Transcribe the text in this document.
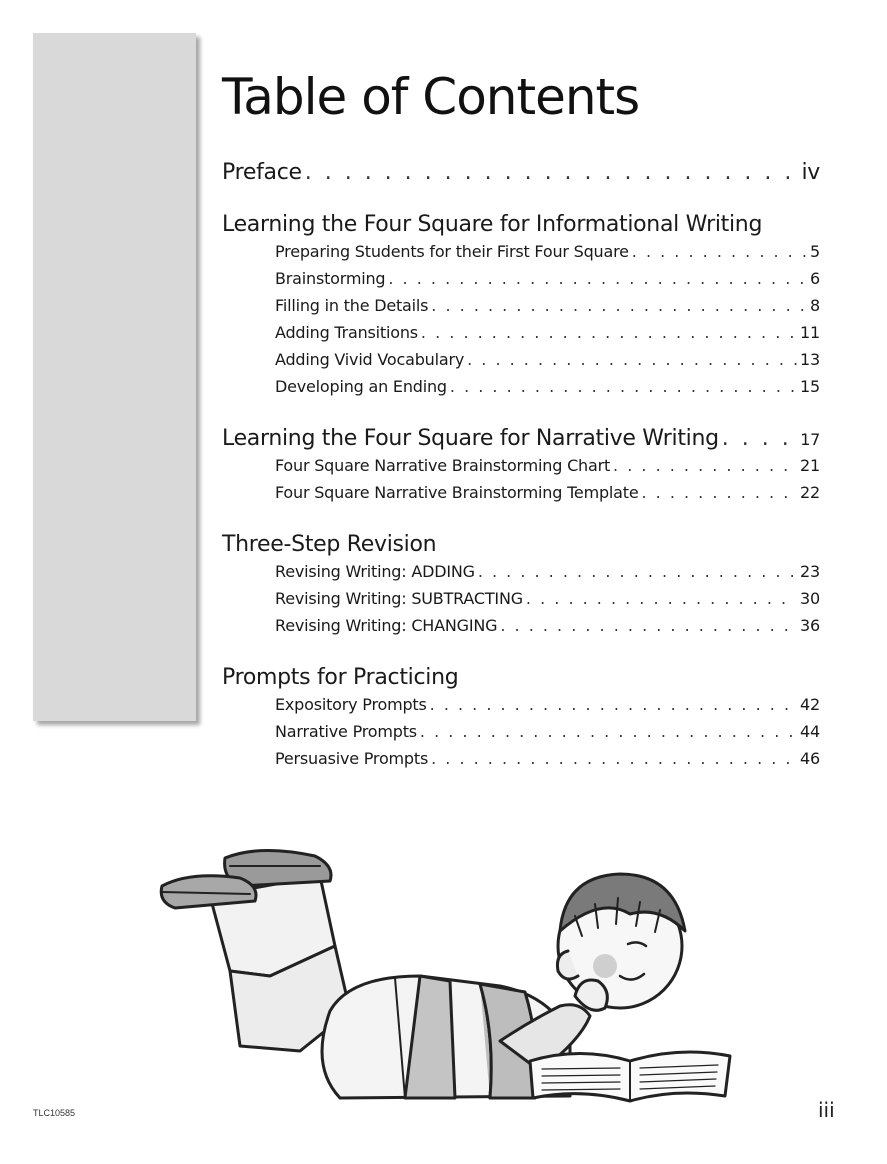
Table of Contents
Preface . . .	iv
Learning the Four Square for Informational Writing
Preparing Students for their First Four Square . . .	5
Brainstorming . . .	6
Filling in the Details . . .	8
Adding Transitions . . .	11
Adding Vivid Vocabulary . . .	13
Developing an Ending . . .	15
Learning the Four Square for Narrative Writing . . .	17
Four Square Narrative Brainstorming Chart . . .	21
Four Square Narrative Brainstorming Template . . .	22
Three-Step Revision
Revising Writing: ADDING . . .	23
Revising Writing: SUBTRACTING . . .	30
Revising Writing: CHANGING . . .	36
Prompts for Practicing
Expository Prompts . . .	42
Narrative Prompts . . .	44
Persuasive Prompts . . .	46
TLC10585	iii
